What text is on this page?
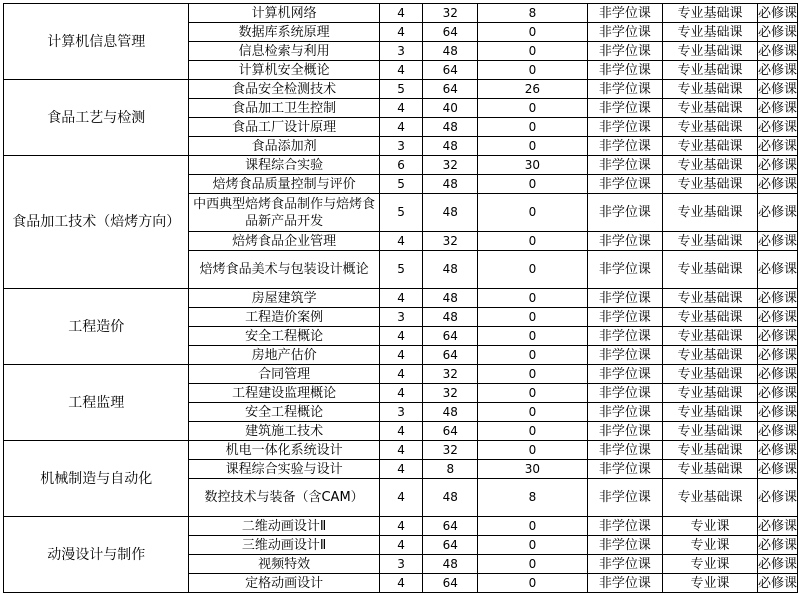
计算机信息管理	计算机网络	4	32	8	非学位课	专业基础课	必修课
	数据库系统原理	4	64	0	非学位课	专业基础课	必修课
	信息检索与利用	3	48	0	非学位课	专业基础课	必修课
	计算机安全概论	4	64	0	非学位课	专业基础课	必修课
食品工艺与检测	食品安全检测技术	5	64	26	非学位课	专业基础课	必修课
	食品加工卫生控制	4	40	0	非学位课	专业基础课	必修课
	食品工厂设计原理	4	48	0	非学位课	专业基础课	必修课
	食品添加剂	3	48	0	非学位课	专业基础课	必修课
食品加工技术（焙烤方向）	课程综合实验	6	32	30	非学位课	专业基础课	必修课
	焙烤食品质量控制与评价	5	48	0	非学位课	专业基础课	必修课
	中西典型焙烤食品制作与焙烤食品新产品开发	5	48	0	非学位课	专业基础课	必修课
	焙烤食品企业管理	4	32	0	非学位课	专业基础课	必修课
	焙烤食品美术与包装设计概论	5	48	0	非学位课	专业基础课	必修课
工程造价	房屋建筑学	4	48	0	非学位课	专业基础课	必修课
	工程造价案例	3	48	0	非学位课	专业基础课	必修课
	安全工程概论	4	64	0	非学位课	专业基础课	必修课
	房地产估价	4	64	0	非学位课	专业基础课	必修课
工程监理	合同管理	4	32	0	非学位课	专业基础课	必修课
	工程建设监理概论	4	32	0	非学位课	专业基础课	必修课
	安全工程概论	3	48	0	非学位课	专业基础课	必修课
	建筑施工技术	4	64	0	非学位课	专业基础课	必修课
机械制造与自动化	机电一体化系统设计	4	32	0	非学位课	专业基础课	必修课
	课程综合实验与设计	4	8	30	非学位课	专业基础课	必修课
	数控技术与装备（含CAM）	4	48	8	非学位课	专业基础课	必修课
动漫设计与制作	二维动画设计Ⅱ	4	64	0	非学位课	专业课	必修课
	三维动画设计Ⅱ	4	64	0	非学位课	专业课	必修课
	视频特效	3	48	0	非学位课	专业课	必修课
	定格动画设计	4	64	0	非学位课	专业课	必修课
